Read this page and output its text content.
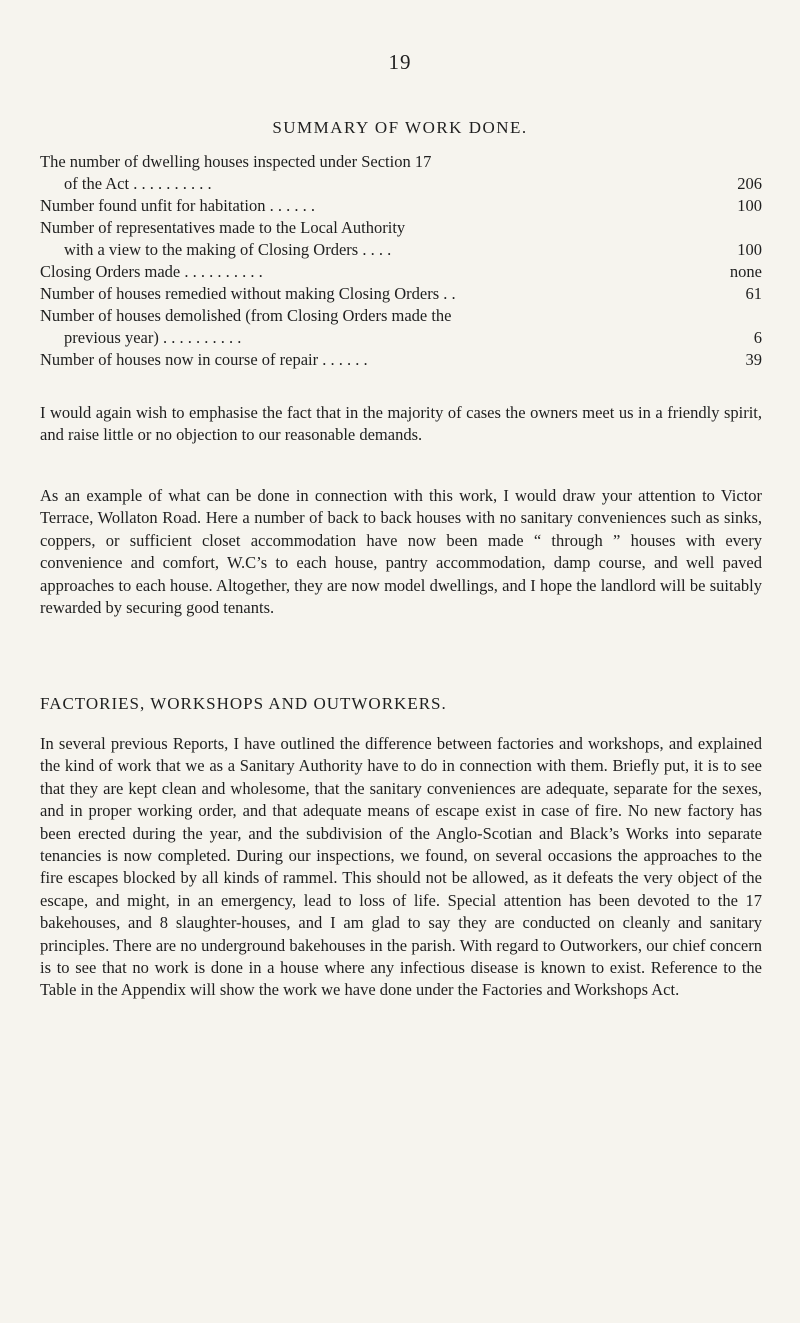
19
SUMMARY OF WORK DONE.
The number of dwelling houses inspected under Section 17
of the Act . . . . . . . . . .	206
Number found unfit for habitation . . . . . .	100
Number of representatives made to the Local Authority
with a view to the making of Closing Orders . . . .	100
Closing Orders made . . . . . . . . . .	none
Number of houses remedied without making Closing Orders . .	61
Number of houses demolished (from Closing Orders made the
previous year) . . . . . . . . . .	6
Number of houses now in course of repair . . . . . .	39

I would again wish to emphasise the fact that in the majority of cases the owners meet us in a friendly spirit, and raise little or no objection to our reasonable demands.

As an example of what can be done in connection with this work, I would draw your attention to Victor Terrace, Wollaton Road. Here a number of back to back houses with no sanitary conveniences such as sinks, coppers, or sufficient closet accommodation have now been made “ through ” houses with every convenience and comfort, W.C’s to each house, pantry accommodation, damp course, and well paved approaches to each house. Altogether, they are now model dwellings, and I hope the landlord will be suitably rewarded by securing good tenants.

FACTORIES, WORKSHOPS AND OUTWORKERS.

In several previous Reports, I have outlined the difference between factories and workshops, and explained the kind of work that we as a Sanitary Authority have to do in connection with them. Briefly put, it is to see that they are kept clean and wholesome, that the sanitary conveniences are adequate, separate for the sexes, and in proper working order, and that adequate means of escape exist in case of fire. No new factory has been erected during the year, and the subdivision of the Anglo-Scotian and Black’s Works into separate tenancies is now completed. During our inspections, we found, on several occasions the approaches to the fire escapes blocked by all kinds of rammel. This should not be allowed, as it defeats the very object of the escape, and might, in an emergency, lead to loss of life. Special attention has been devoted to the 17 bakehouses, and 8 slaughter-houses, and I am glad to say they are conducted on cleanly and sanitary principles. There are no underground bakehouses in the parish. With regard to Outworkers, our chief concern is to see that no work is done in a house where any infectious disease is known to exist. Reference to the Table in the Appendix will show the work we have done under the Factories and Workshops Act.
